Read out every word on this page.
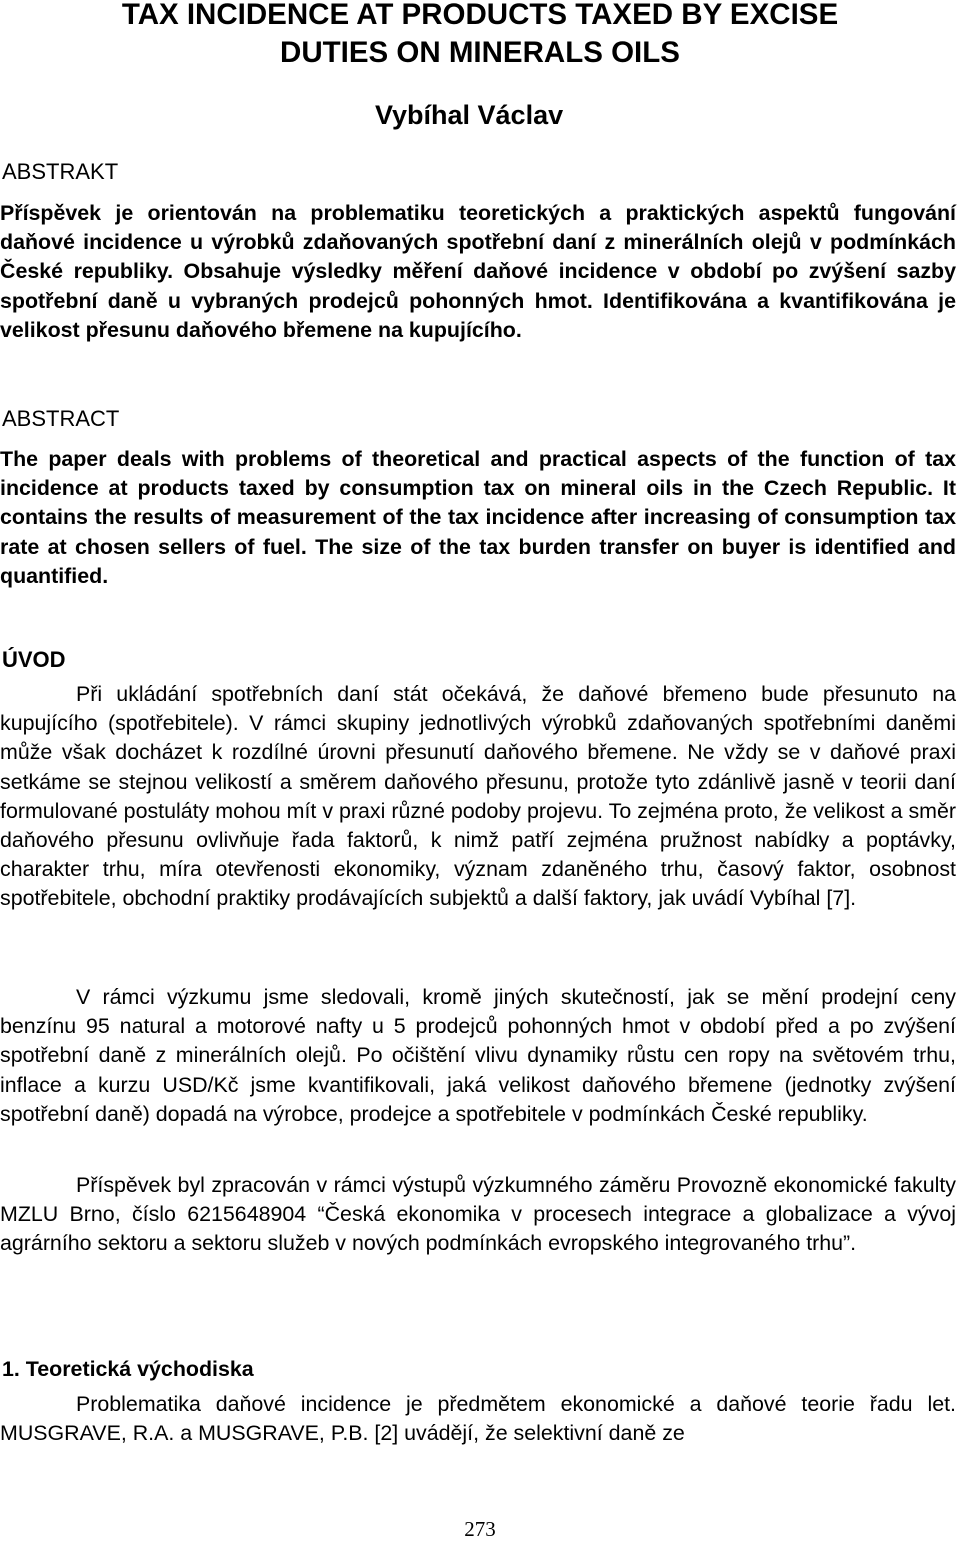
TAX INCIDENCE AT PRODUCTS TAXED BY EXCISE
DUTIES ON MINERALS OILS
Vybíhal Václav
ABSTRAKT
Příspěvek je orientován na problematiku teoretických a praktických aspektů fungování daňové incidence u výrobků zdaňovaných spotřební daní z minerálních olejů v podmínkách České republiky. Obsahuje výsledky měření daňové incidence v období po zvýšení sazby spotřební daně u vybraných prodejců pohonných hmot. Identifikována a kvantifikována je velikost přesunu daňového břemene na kupujícího.
ABSTRACT
The paper deals with problems of theoretical and practical aspects of the function of tax incidence at products taxed by consumption tax on mineral oils in the Czech Republic. It contains the results of measurement of the tax incidence after increasing of consumption tax rate at chosen sellers of fuel. The size of the tax burden transfer on buyer is identified and quantified.
ÚVOD
Při ukládání spotřebních daní stát očekává, že daňové břemeno bude přesunuto na kupujícího (spotřebitele). V rámci skupiny jednotlivých výrobků zdaňovaných spotřebními daněmi může však docházet k rozdílné úrovni přesunutí daňového břemene. Ne vždy se v daňové praxi setkáme se stejnou velikostí a směrem daňového přesunu, protože tyto zdánlivě jasně v teorii daní formulované postuláty mohou mít v praxi různé podoby projevu. To zejména proto, že velikost a směr daňového přesunu ovlivňuje řada faktorů, k nimž patří zejména pružnost nabídky a poptávky, charakter trhu, míra otevřenosti ekonomiky, význam zdaněného trhu, časový faktor, osobnost spotřebitele, obchodní praktiky prodávajících subjektů a další faktory, jak uvádí Vybíhal [7].
V rámci výzkumu jsme sledovali, kromě jiných skutečností, jak se mění prodejní ceny benzínu 95 natural a motorové nafty u 5 prodejců pohonných hmot v období před a po zvýšení spotřební daně z minerálních olejů. Po očištění vlivu dynamiky růstu cen ropy na světovém trhu, inflace a kurzu USD/Kč jsme kvantifikovali, jaká velikost daňového břemene (jednotky zvýšení spotřební daně) dopadá na výrobce, prodejce a spotřebitele v podmínkách České republiky.
Příspěvek byl zpracován v rámci výstupů výzkumného záměru Provozně ekonomické fakulty MZLU Brno, číslo 6215648904 “Česká ekonomika v procesech integrace a globalizace a vývoj agrárního sektoru a sektoru služeb v nových podmínkách evropského integrovaného trhu”.
1. Teoretická východiska
Problematika daňové incidence je předmětem ekonomické a daňové teorie řadu let. MUSGRAVE, R.A. a MUSGRAVE, P.B. [2] uvádějí, že selektivní daně ze
273
